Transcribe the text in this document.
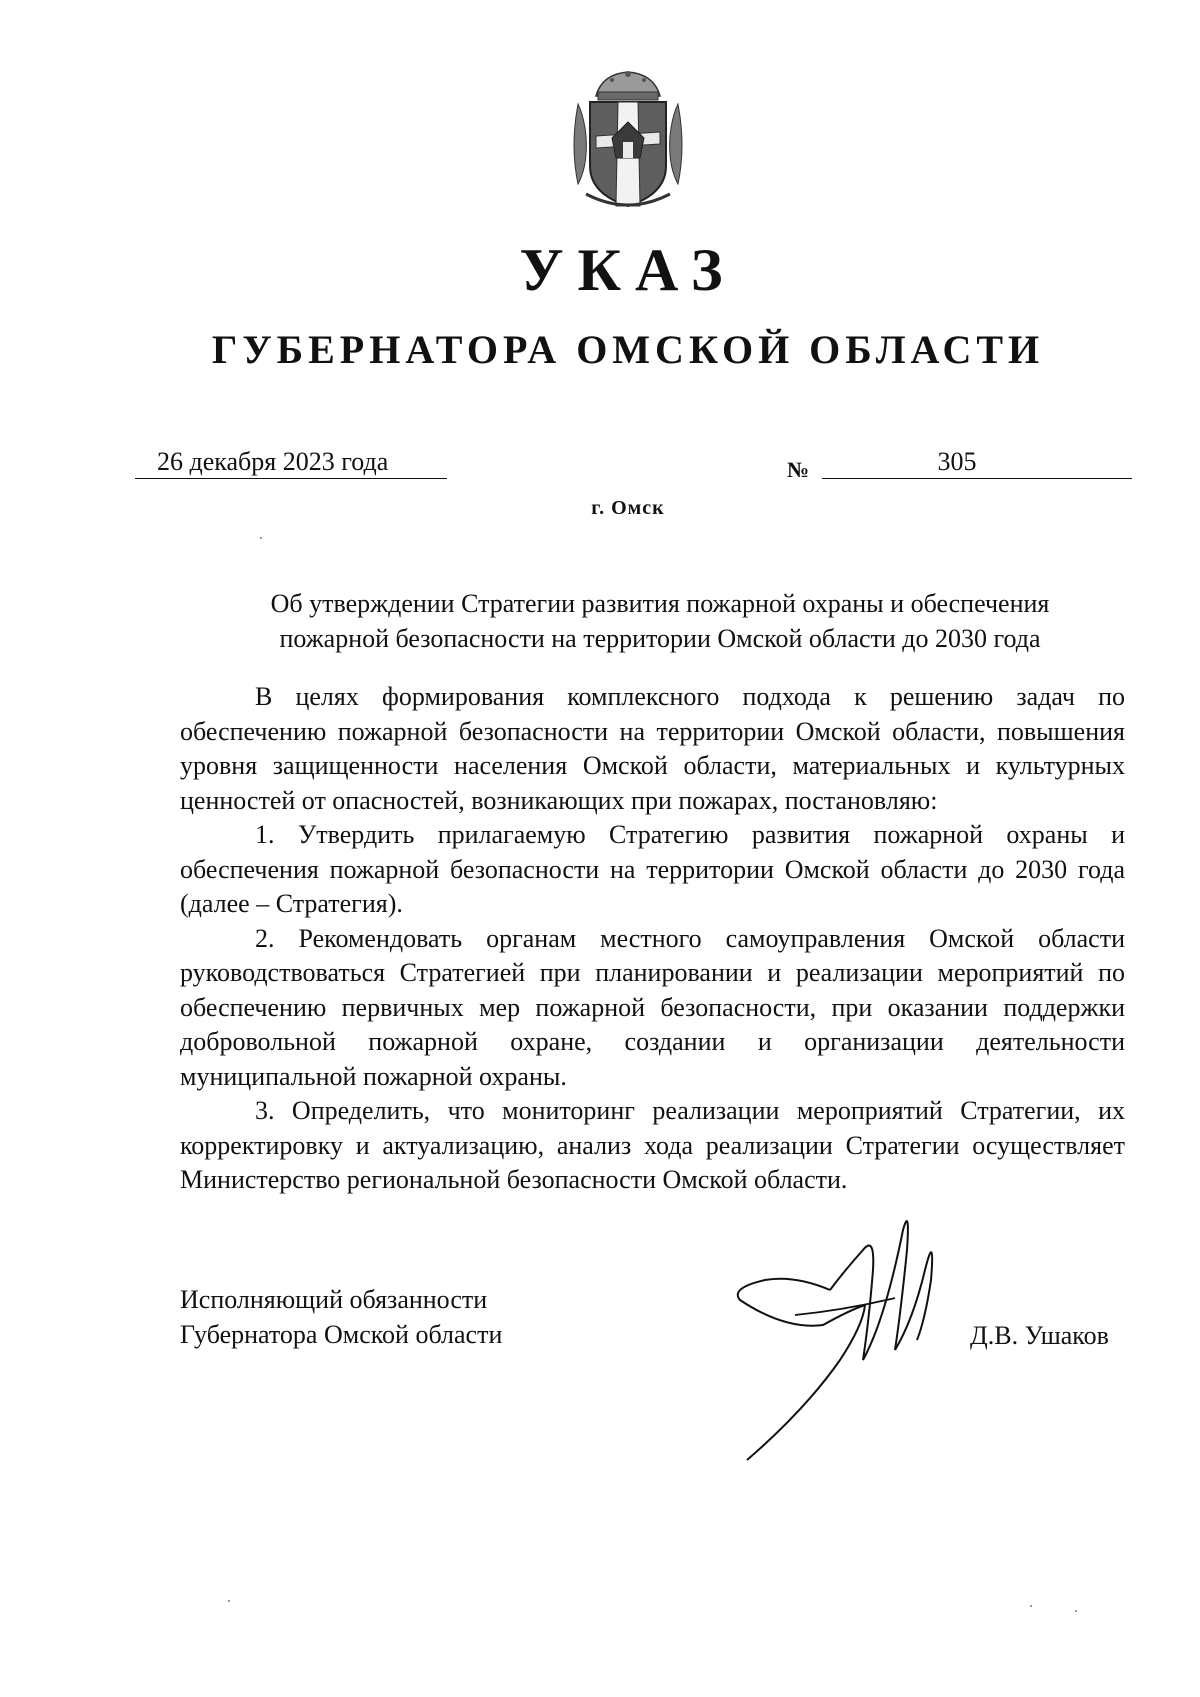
УКАЗ
ГУБЕРНАТОРА ОМСКОЙ ОБЛАСТИ
26 декабря 2023 года	№	305
г. Омск
Об утверждении Стратегии развития пожарной охраны и обеспечения
пожарной безопасности на территории Омской области до 2030 года

В целях формирования комплексного подхода к решению задач по обеспечению пожарной безопасности на территории Омской области, повышения уровня защищенности населения Омской области, материальных и культурных ценностей от опасностей, возникающих при пожарах, постановляю:

1. Утвердить прилагаемую Стратегию развития пожарной охраны и обеспечения пожарной безопасности на территории Омской области до 2030 года (далее – Стратегия).

2. Рекомендовать органам местного самоуправления Омской области руководствоваться Стратегией при планировании и реализации мероприятий по обеспечению первичных мер пожарной безопасности, при оказании поддержки добровольной пожарной охране, создании и организации деятельности муниципальной пожарной охраны.

3. Определить, что мониторинг реализации мероприятий Стратегии, их корректировку и актуализацию, анализ хода реализации Стратегии осуществляет Министерство региональной безопасности Омской области.

Исполняющий обязанности
Губернатора Омской области	Д.В. Ушаков
